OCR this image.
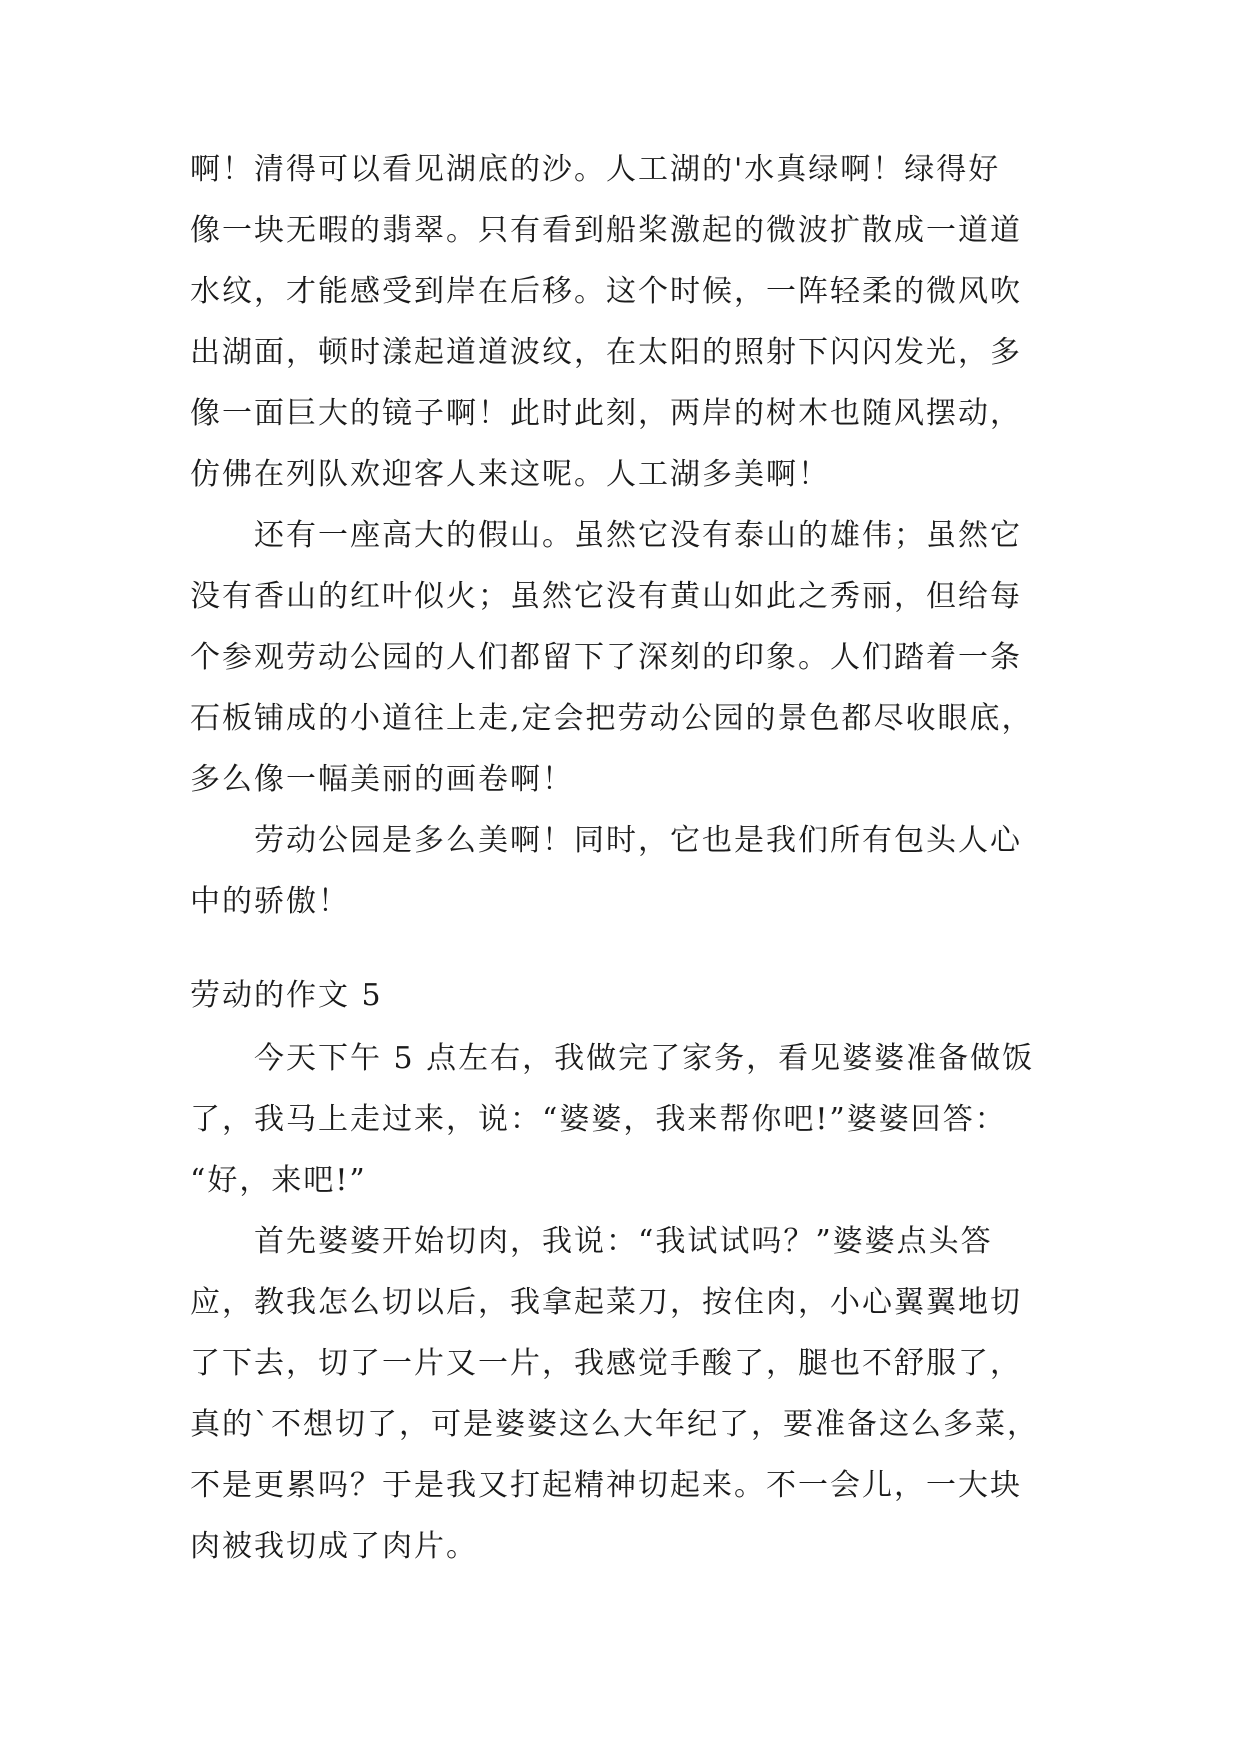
啊！清得可以看见湖底的沙。人工湖的'水真绿啊！绿得好
像一块无暇的翡翠。只有看到船桨激起的微波扩散成一道道
水纹，才能感受到岸在后移。这个时候，一阵轻柔的微风吹
出湖面，顿时漾起道道波纹，在太阳的照射下闪闪发光，多
像一面巨大的镜子啊！此时此刻，两岸的树木也随风摆动，
仿佛在列队欢迎客人来这呢。人工湖多美啊！
　　还有一座高大的假山。虽然它没有泰山的雄伟；虽然它
没有香山的红叶似火；虽然它没有黄山如此之秀丽，但给每
个参观劳动公园的人们都留下了深刻的印象。人们踏着一条
石板铺成的小道往上走,定会把劳动公园的景色都尽收眼底，
多么像一幅美丽的画卷啊！
　　劳动公园是多么美啊！同时，它也是我们所有包头人心
中的骄傲！
劳动的作文 5
　　今天下午 5 点左右，我做完了家务，看见婆婆准备做饭
了，我马上走过来，说：“婆婆，我来帮你吧!”婆婆回答：
“好，来吧!”
　　首先婆婆开始切肉，我说：“我试试吗？”婆婆点头答
应，教我怎么切以后，我拿起菜刀，按住肉，小心翼翼地切
了下去，切了一片又一片，我感觉手酸了，腿也不舒服了，
真的`不想切了，可是婆婆这么大年纪了，要准备这么多菜，
不是更累吗？于是我又打起精神切起来。不一会儿，一大块
肉被我切成了肉片。
